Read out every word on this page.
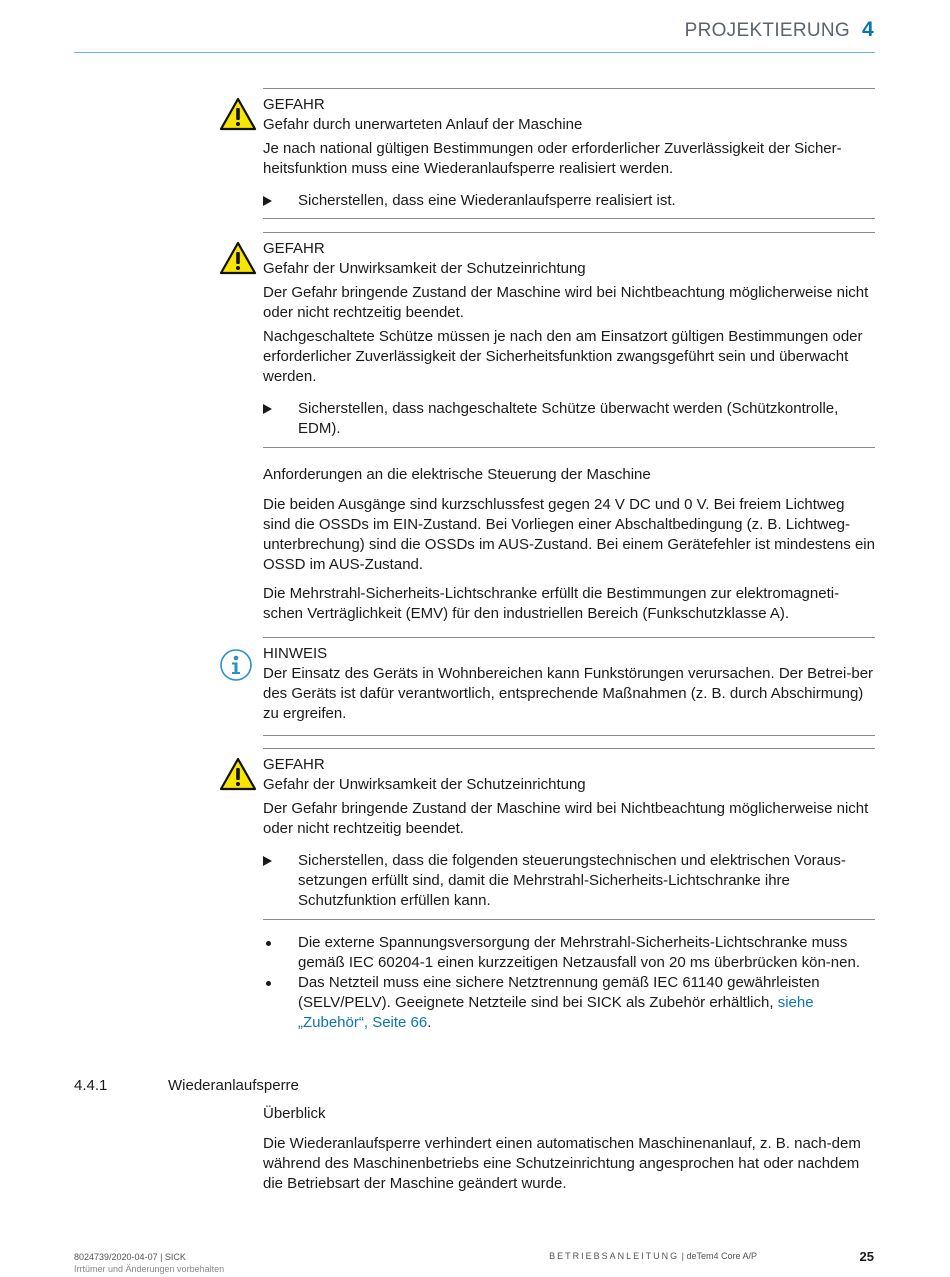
PROJEKTIERUNG 4
GEFAHR

Gefahr durch unerwarteten Anlauf der Maschine

Je nach national gültigen Bestimmungen oder erforderlicher Zuverlässigkeit der Sicher-heitsfunktion muss eine Wiederanlaufsperre realisiert werden.

Sicherstellen, dass eine Wiederanlaufsperre realisiert ist.
GEFAHR

Gefahr der Unwirksamkeit der Schutzeinrichtung

Der Gefahr bringende Zustand der Maschine wird bei Nichtbeachtung möglicherweise nicht oder nicht rechtzeitig beendet.

Nachgeschaltete Schütze müssen je nach den am Einsatzort gültigen Bestimmungen oder erforderlicher Zuverlässigkeit der Sicherheitsfunktion zwangsgeführt sein und überwacht werden.

Sicherstellen, dass nachgeschaltete Schütze überwacht werden (Schützkontrolle, EDM).
Anforderungen an die elektrische Steuerung der Maschine

Die beiden Ausgänge sind kurzschlussfest gegen 24 V DC und 0 V. Bei freiem Lichtweg sind die OSSDs im EIN-Zustand. Bei Vorliegen einer Abschaltbedingung (z. B. Lichtweg-unterbrechung) sind die OSSDs im AUS-Zustand. Bei einem Gerätefehler ist mindestens ein OSSD im AUS-Zustand.

Die Mehrstrahl-Sicherheits-Lichtschranke erfüllt die Bestimmungen zur elektromagneti-schen Verträglichkeit (EMV) für den industriellen Bereich (Funkschutzklasse A).

HINWEIS

Der Einsatz des Geräts in Wohnbereichen kann Funkstörungen verursachen. Der Betrei-ber des Geräts ist dafür verantwortlich, entsprechende Maßnahmen (z. B. durch Abschirmung) zu ergreifen.

GEFAHR

Gefahr der Unwirksamkeit der Schutzeinrichtung

Der Gefahr bringende Zustand der Maschine wird bei Nichtbeachtung möglicherweise nicht oder nicht rechtzeitig beendet.

Sicherstellen, dass die folgenden steuerungstechnischen und elektrischen Voraus-setzungen erfüllt sind, damit die Mehrstrahl-Sicherheits-Lichtschranke ihre Schutzfunktion erfüllen kann.
Die externe Spannungsversorgung der Mehrstrahl-Sicherheits-Lichtschranke muss gemäß IEC 60204-1 einen kurzzeitigen Netzausfall von 20 ms überbrücken kön-nen.
Das Netzteil muss eine sichere Netztrennung gemäß IEC 61140 gewährleisten (SELV/PELV). Geeignete Netzteile sind bei SICK als Zubehör erhältlich, siehe „Zubehör“, Seite 66.
4.4.1	Wiederanlaufsperre
Überblick

Die Wiederanlaufsperre verhindert einen automatischen Maschinenanlauf, z. B. nach-dem während des Maschinenbetriebs eine Schutzeinrichtung angesprochen hat oder nachdem die Betriebsart der Maschine geändert wurde.

8024739/2020-04-07 | SICK
Irrtümer und Änderungen vorbehalten
BETRIEBSANLEITUNG | deTem4 Core A/P	25
